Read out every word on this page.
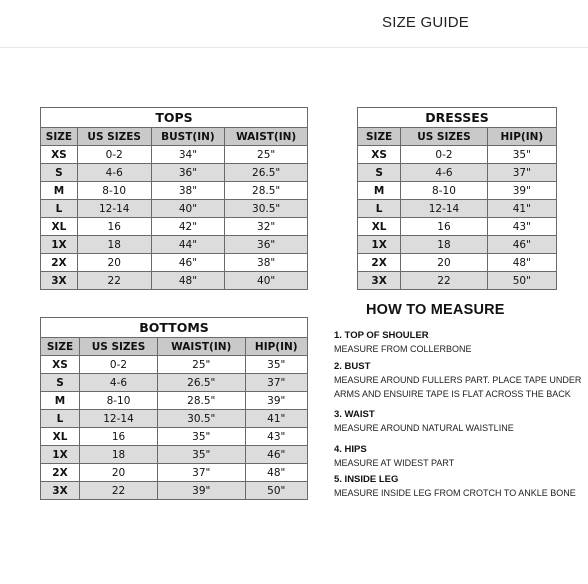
SIZE GUIDE
TOPS			
SIZE	US SIZES	BUST(IN)	WAIST(IN)
XS	0-2	34"	25"
S	4-6	36"	26.5"
M	8-10	38"	28.5"
L	12-14	40"	30.5"
XL	16	42"	32"
1X	18	44"	36"
2X	20	46"	38"
3X	22	48"	40"
DRESSES		
SIZE	US SIZES	HIP(IN)
XS	0-2	35"
S	4-6	37"
M	8-10	39"
L	12-14	41"
XL	16	43"
1X	18	46"
2X	20	48"
3X	22	50"
BOTTOMS			
SIZE	US SIZES	WAIST(IN)	HIP(IN)
XS	0-2	25"	35"
S	4-6	26.5"	37"
M	8-10	28.5"	39"
L	12-14	30.5"	41"
XL	16	35"	43"
1X	18	35"	46"
2X	20	37"	48"
3X	22	39"	50"
HOW TO MEASURE
1. TOP OF SHOULER
MEASURE FROM COLLERBONE
2. BUST
MEASURE AROUND FULLERS PART. PLACE TAPE UNDER
ARMS AND ENSUIRE TAPE IS FLAT ACROSS THE BACK
3. WAIST
MEASURE AROUND NATURAL WAISTLINE
4. HIPS
MEASURE AT WIDEST PART
5. INSIDE LEG
MEASURE INSIDE LEG FROM CROTCH TO ANKLE BONE
